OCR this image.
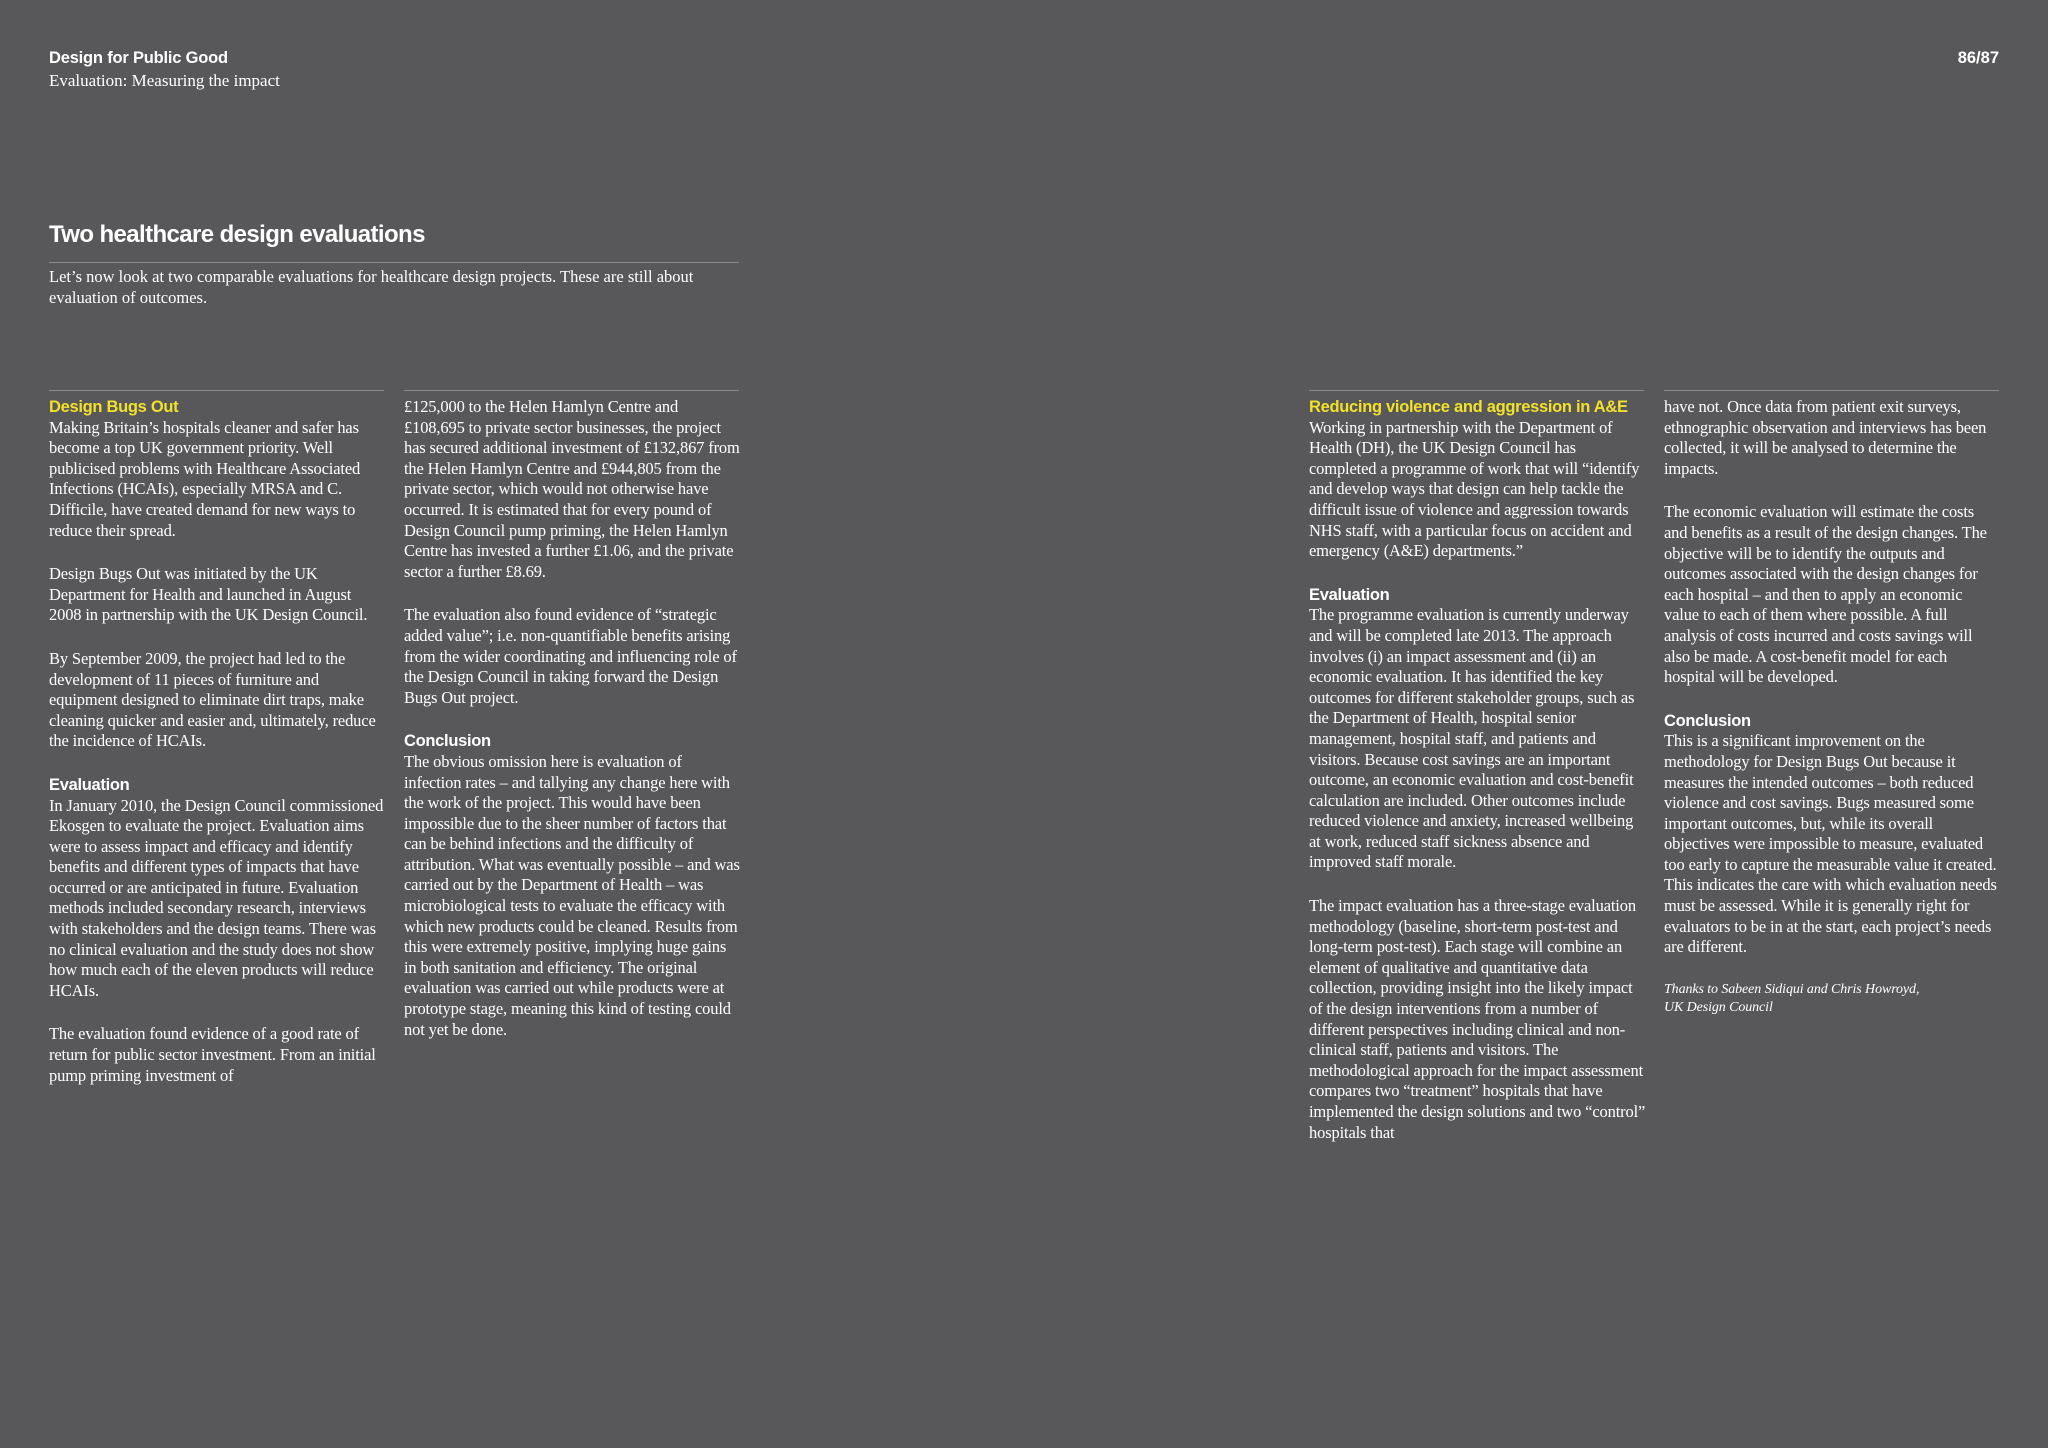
Design for Public Good
Evaluation: Measuring the impact
86/87
Two healthcare design evaluations
Let’s now look at two comparable evaluations for healthcare design projects. These are still about evaluation of outcomes.
Design Bugs Out

Making Britain’s hospitals cleaner and safer has become a top UK government priority. Well publicised problems with Healthcare Associated Infections (HCAIs), especially MRSA and C. Difficile, have created demand for new ways to reduce their spread.

Design Bugs Out was initiated by the UK Department for Health and launched in August 2008 in partnership with the UK Design Council.

By September 2009, the project had led to the development of 11 pieces of furniture and equipment designed to eliminate dirt traps, make cleaning quicker and easier and, ultimately, reduce the incidence of HCAIs.

Evaluation

In January 2010, the Design Council commissioned Ekosgen to evaluate the project. Evaluation aims were to assess impact and efficacy and identify benefits and different types of impacts that have occurred or are anticipated in future. Evaluation methods included secondary research, interviews with stakeholders and the design teams. There was no clinical evaluation and the study does not show how much each of the eleven products will reduce HCAIs.

The evaluation found evidence of a good rate of return for public sector investment. From an initial pump priming investment of

£125,000 to the Helen Hamlyn Centre and £108,695 to private sector businesses, the project has secured additional investment of £132,867 from the Helen Hamlyn Centre and £944,805 from the private sector, which would not otherwise have occurred. It is estimated that for every pound of Design Council pump priming, the Helen Hamlyn Centre has invested a further £1.06, and the private sector a further £8.69.

The evaluation also found evidence of “strategic added value”; i.e. non-quantifiable benefits arising from the wider coordinating and influencing role of the Design Council in taking forward the Design Bugs Out project.

Conclusion

The obvious omission here is evaluation of infection rates – and tallying any change here with the work of the project. This would have been impossible due to the sheer number of factors that can be behind infections and the difficulty of attribution. What was eventually possible – and was carried out by the Department of Health – was microbiological tests to evaluate the efficacy with which new products could be cleaned. Results from this were extremely positive, implying huge gains in both sanitation and efficiency. The original evaluation was carried out while products were at prototype stage, meaning this kind of testing could not yet be done.

Reducing violence and aggression in A&E

Working in partnership with the Department of Health (DH), the UK Design Council has completed a programme of work that will “identify and develop ways that design can help tackle the difficult issue of violence and aggression towards NHS staff, with a particular focus on accident and emergency (A&E) departments.”

Evaluation

The programme evaluation is currently underway and will be completed late 2013. The approach involves (i) an impact assessment and (ii) an economic evaluation. It has identified the key outcomes for different stakeholder groups, such as the Department of Health, hospital senior management, hospital staff, and patients and visitors. Because cost savings are an important outcome, an economic evaluation and cost-benefit calculation are included. Other outcomes include reduced violence and anxiety, increased wellbeing at work, reduced staff sickness absence and improved staff morale.

The impact evaluation has a three-stage evaluation methodology (baseline, short-term post-test and long-term post-test). Each stage will combine an element of qualitative and quantitative data collection, providing insight into the likely impact of the design interventions from a number of different perspectives including clinical and non-clinical staff, patients and visitors. The methodological approach for the impact assessment compares two “treatment” hospitals that have implemented the design solutions and two “control” hospitals that

have not. Once data from patient exit surveys, ethnographic observation and interviews has been collected, it will be analysed to determine the impacts.

The economic evaluation will estimate the costs and benefits as a result of the design changes. The objective will be to identify the outputs and outcomes associated with the design changes for each hospital – and then to apply an economic value to each of them where possible. A full analysis of costs incurred and costs savings will also be made. A cost-benefit model for each hospital will be developed.

Conclusion

This is a significant improvement on the methodology for Design Bugs Out because it measures the intended outcomes – both reduced violence and cost savings. Bugs measured some important outcomes, but, while its overall objectives were impossible to measure, evaluated too early to capture the measurable value it created. This indicates the care with which evaluation needs must be assessed. While it is generally right for evaluators to be in at the start, each project’s needs are different.

Thanks to Sabeen Sidiqui and Chris Howroyd,
UK Design Council
